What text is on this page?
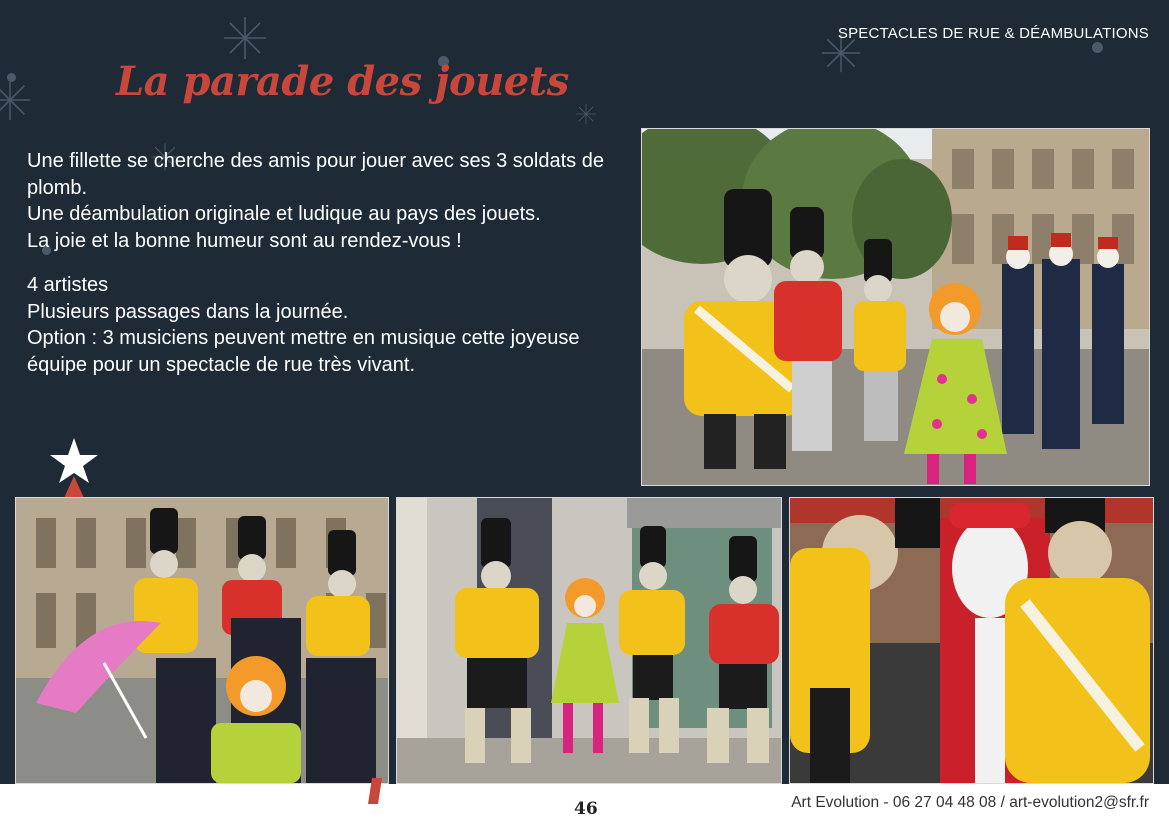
SPECTACLES DE RUE & DÉAMBULATIONS
La parade des jouets

Une fillette se cherche des amis pour jouer avec ses 3 soldats de plomb.

Une déambulation originale et ludique au pays des jouets.

La joie et la bonne humeur sont au rendez-vous !

4 artistes

Plusieurs passages dans la journée.

Option : 3 musiciens peuvent mettre en musique cette joyeuse équipe pour un spectacle de rue très vivant.

46	Art Evolution - 06 27 04 48 08 / art-evolution2@sfr.fr
